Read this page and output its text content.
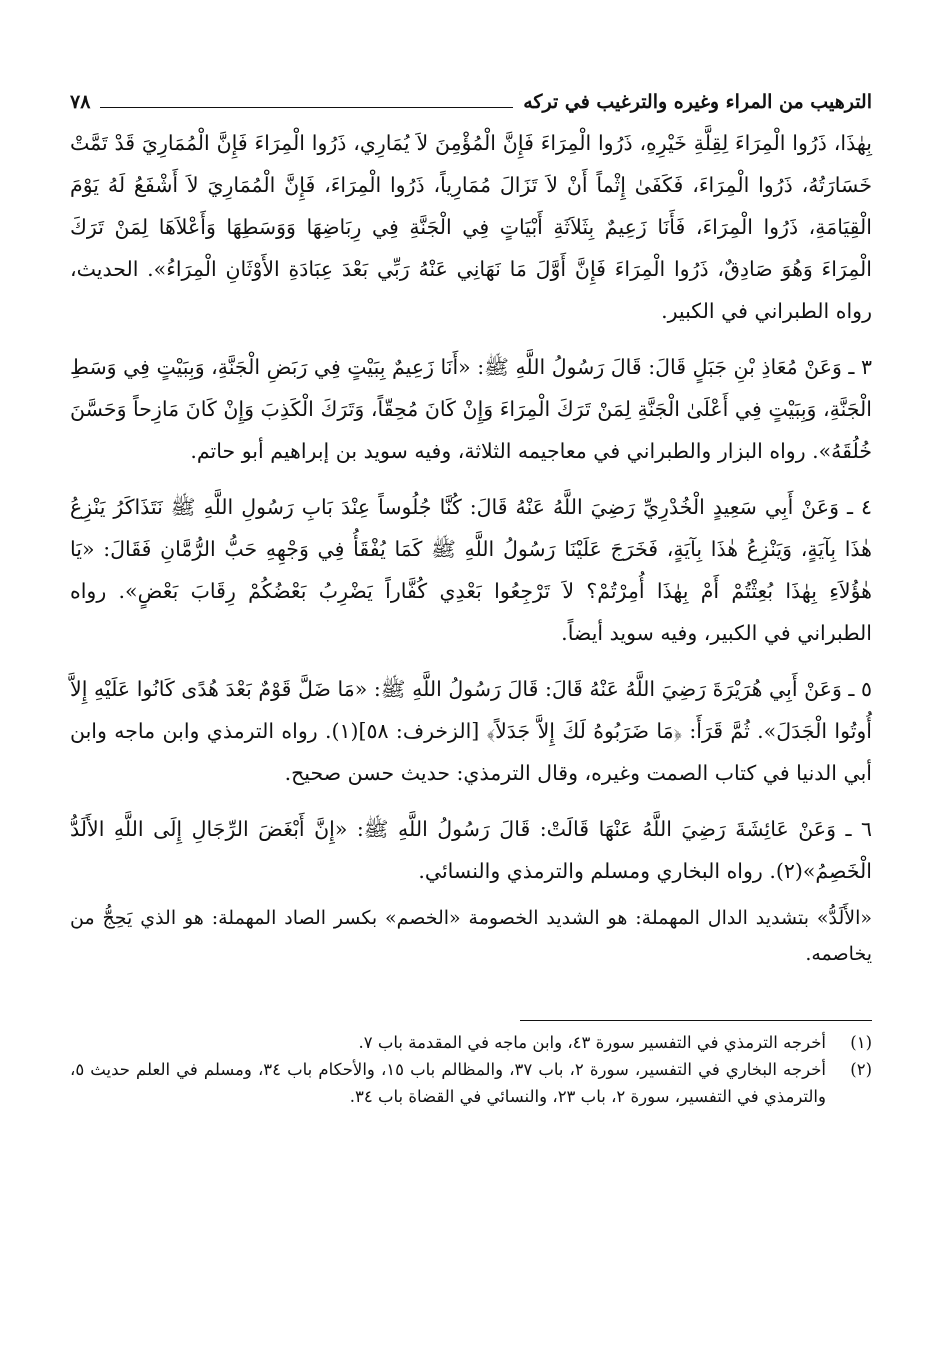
الترهيب من المراء وغيره والترغيب في تركه
٧٨

بِهٰذَا، ذَرُوا الْمِرَاءَ لِقِلَّةِ خَيْرِهِ، ذَرُوا الْمِرَاءَ فَإِنَّ الْمُؤْمِنَ لاَ يُمَارِي، ذَرُوا الْمِرَاءَ فَإِنَّ الْمُمَارِيَ قَدْ تَمَّتْ خَسَارَتُهُ، ذَرُوا الْمِرَاءَ، فَكَفَىٰ إِثْماً أَنْ لاَ تَزَالَ مُمَارِياً، ذَرُوا الْمِرَاءَ، فَإِنَّ الْمُمَارِيَ لاَ أَشْفَعُ لَهُ يَوْمَ الْقِيَامَةِ، ذَرُوا الْمِرَاءَ، فَأَنَا زَعِيمٌ بِثَلاَثَةِ أَبْيَاتٍ فِي الْجَنَّةِ فِي رِبَاضِهَا وَوَسَطِهَا وَأَعْلاَهَا لِمَنْ تَرَكَ الْمِرَاءَ وَهُوَ صَادِقٌ، ذَرُوا الْمِرَاءَ فَإِنَّ أَوَّلَ مَا نَهَانِي عَنْهُ رَبِّي بَعْدَ عِبَادَةِ الأَوْثَانِ الْمِرَاءُ». الحديث، رواه الطبراني في الكبير.

٣ ـ وَعَنْ مُعَاذِ بْنِ جَبَلٍ قَالَ: قَالَ رَسُولُ اللَّهِ ﷺ: «أَنَا زَعِيمٌ بِبَيْتٍ فِي رَبَضِ الْجَنَّةِ، وَبِبَيْتٍ فِي وَسَطِ الْجَنَّةِ، وَبِبَيْتٍ فِي أَعْلَىٰ الْجَنَّةِ لِمَنْ تَرَكَ الْمِرَاءَ وَإِنْ كَانَ مُحِقّاً، وَتَرَكَ الْكَذِبَ وَإِنْ كَانَ مَازِحاً وَحَسَّنَ خُلُقَهُ». رواه البزار والطبراني في معاجيمه الثلاثة، وفيه سويد بن إبراهيم أبو حاتم.

٤ ـ وَعَنْ أَبِي سَعِيدٍ الْخُدْرِيِّ رَضِيَ اللَّهُ عَنْهُ قَالَ: كُنَّا جُلُوساً عِنْدَ بَابِ رَسُولِ اللَّهِ ﷺ نَتَذَاكَرُ يَنْزِعُ هٰذَا بِآيَةٍ، وَيَنْزِعُ هٰذَا بِآيَةٍ، فَخَرَجَ عَلَيْنَا رَسُولُ اللَّهِ ﷺ كَمَا يُفْقَأُ فِي وَجْهِهِ حَبُّ الرُّمَّانِ فَقَالَ: «يَا هٰؤُلاَءِ بِهٰذَا بُعِثْتُمْ أَمْ بِهٰذَا أُمِرْتُمْ؟ لاَ تَرْجِعُوا بَعْدِي كُفَّاراً يَضْرِبُ بَعْضُكُمْ رِقَابَ بَعْضٍ». رواه الطبراني في الكبير، وفيه سويد أيضاً.

٥ ـ وَعَنْ أَبِي هُرَيْرَةَ رَضِيَ اللَّهُ عَنْهُ قَالَ: قَالَ رَسُولُ اللَّهِ ﷺ: «مَا ضَلَّ قَوْمٌ بَعْدَ هُدًى كَانُوا عَلَيْهِ إِلاَّ أُوتُوا الْجَدَلَ». ثُمَّ قَرَأَ: ﴿مَا ضَرَبُوهُ لَكَ إِلاَّ جَدَلاً﴾ [الزخرف: ٥٨](١). رواه الترمذي وابن ماجه وابن أبي الدنيا في كتاب الصمت وغيره، وقال الترمذي: حديث حسن صحيح.

٦ ـ وَعَنْ عَائِشَةَ رَضِيَ اللَّهُ عَنْهَا قَالَتْ: قَالَ رَسُولُ اللَّهِ ﷺ: «إِنَّ أَبْغَضَ الرِّجَالِ إِلَى اللَّهِ الأَلَدُّ الْخَصِمُ»(٢). رواه البخاري ومسلم والترمذي والنسائي.

«الأَلَدُّ» بتشديد الدال المهملة: هو الشديد الخصومة «الخصم» بكسر الصاد المهملة: هو الذي يَحِجُّ من يخاصمه.

(١)
أخرجه الترمذي في التفسير سورة ٤٣، وابن ماجه في المقدمة باب ٧.
(٢)
أخرجه البخاري في التفسير، سورة ٢، باب ٣٧، والمظالم باب ١٥، والأحكام باب ٣٤، ومسلم في العلم حديث ٥، والترمذي في التفسير، سورة ٢، باب ٢٣، والنسائي في القضاة باب ٣٤.
